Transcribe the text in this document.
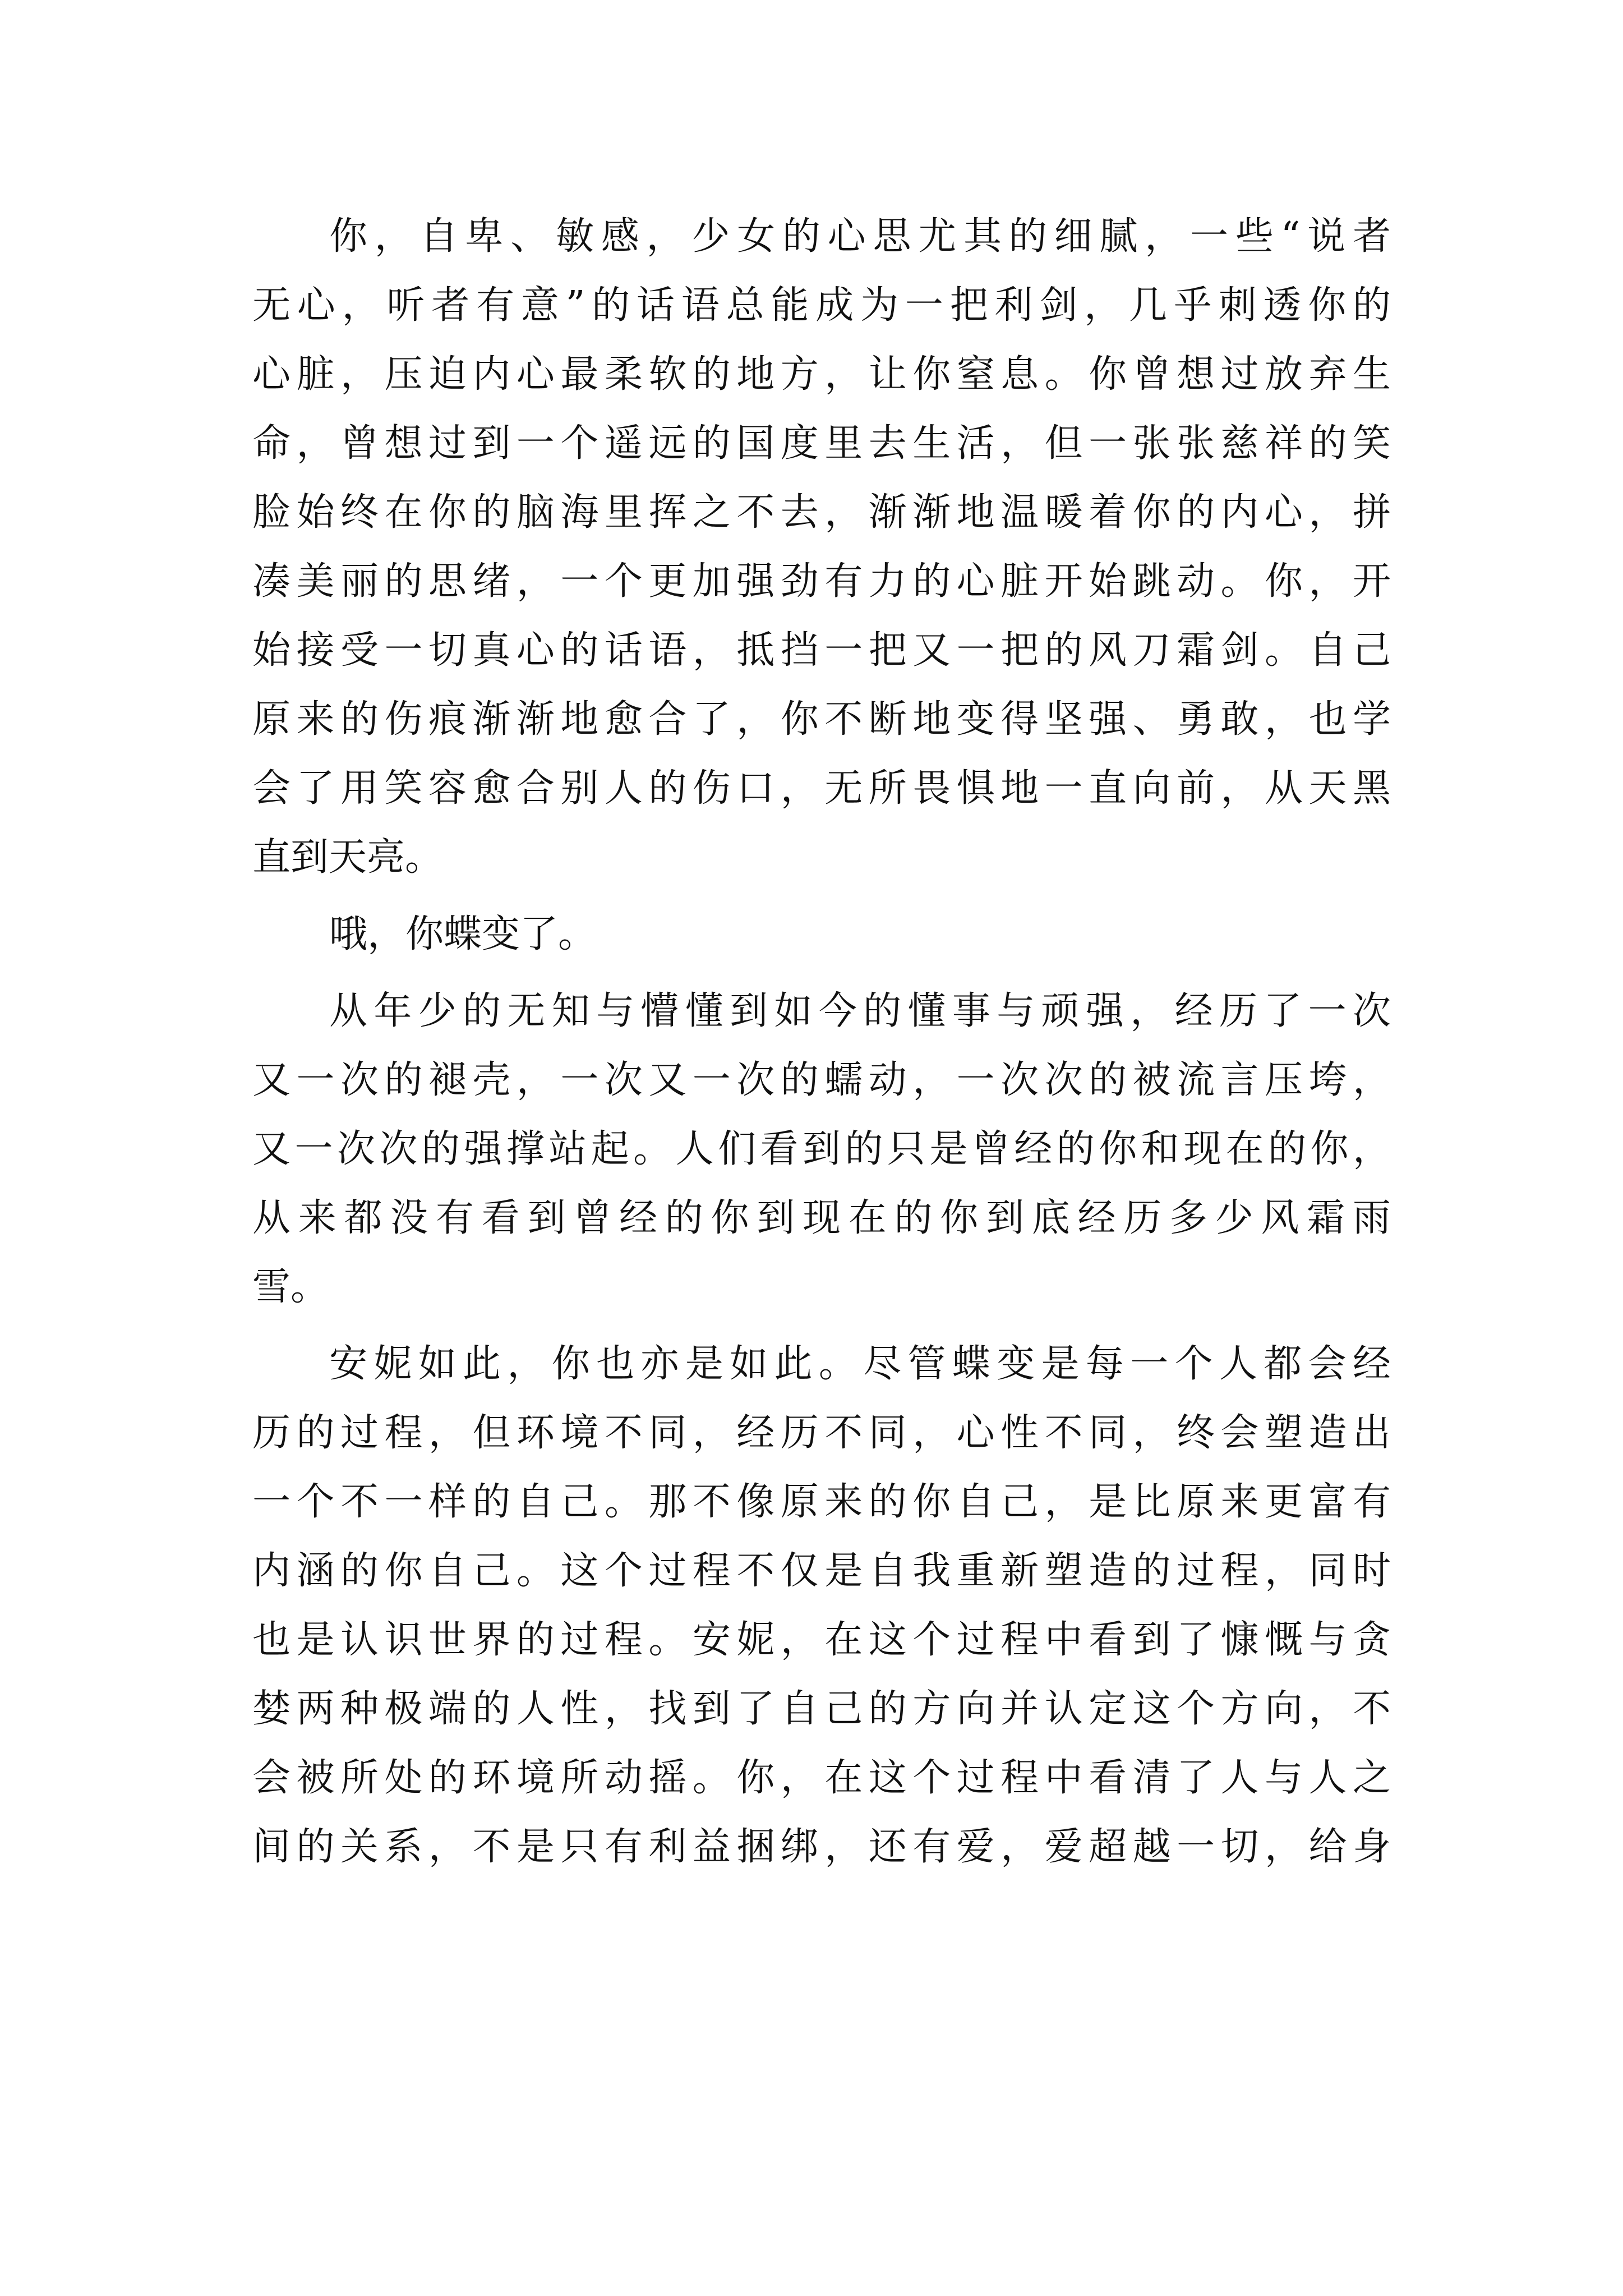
你，自卑、敏感，少女的心思尤其的细腻，一些“说者
无心，听者有意”的话语总能成为一把利剑，几乎刺透你的
心脏，压迫内心最柔软的地方，让你窒息。你曾想过放弃生
命，曾想过到一个遥远的国度里去生活，但一张张慈祥的笑
脸始终在你的脑海里挥之不去，渐渐地温暖着你的内心，拼
凑美丽的思绪，一个更加强劲有力的心脏开始跳动。你，开
始接受一切真心的话语，抵挡一把又一把的风刀霜剑。自己
原来的伤痕渐渐地愈合了，你不断地变得坚强、勇敢，也学
会了用笑容愈合别人的伤口，无所畏惧地一直向前，从天黑
直到天亮。
哦，你蝶变了。
从年少的无知与懵懂到如今的懂事与顽强，经历了一次
又一次的褪壳，一次又一次的蠕动，一次次的被流言压垮，
又一次次的强撑站起。人们看到的只是曾经的你和现在的你，
从来都没有看到曾经的你到现在的你到底经历多少风霜雨
雪。
安妮如此，你也亦是如此。尽管蝶变是每一个人都会经
历的过程，但环境不同，经历不同，心性不同，终会塑造出
一个不一样的自己。那不像原来的你自己，是比原来更富有
内涵的你自己。这个过程不仅是自我重新塑造的过程，同时
也是认识世界的过程。安妮，在这个过程中看到了慷慨与贪
婪两种极端的人性，找到了自己的方向并认定这个方向，不
会被所处的环境所动摇。你，在这个过程中看清了人与人之
间的关系，不是只有利益捆绑，还有爱，爱超越一切，给身
